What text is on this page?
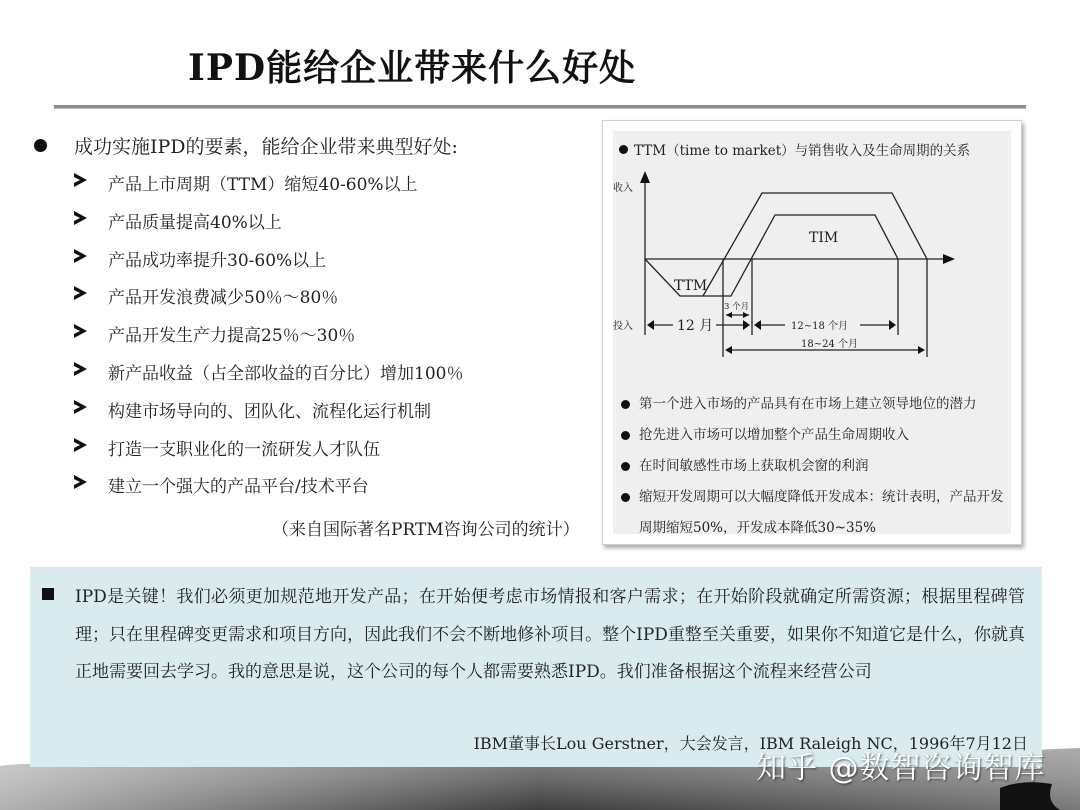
IPD能给企业带来什么好处
成功实施IPD的要素，能给企业带来典型好处:
产品上市周期（TTM）缩短40-60%以上
产品质量提高40%以上
产品成功率提升30-60%以上
产品开发浪费减少50％～80％
产品开发生产力提高25％～30％
新产品收益（占全部收益的百分比）增加100％
构建市场导向的、团队化、流程化运行机制
打造一支职业化的一流研发人才队伍
建立一个强大的产品平台/技术平台
（来自国际著名PRTM咨询公司的统计）
TTM（time to market）与销售收入及生命周期的关系
收入
投入
TTM
TIM
3 个月
12 月	12~18 个月
18~24 个月
第一个进入市场的产品具有在市场上建立领导地位的潜力
抢先进入市场可以增加整个产品生命周期收入
在时间敏感性市场上获取机会窗的利润
缩短开发周期可以大幅度降低开发成本：统计表明，产品开发周期缩短50%，开发成本降低30~35%

IPD是关键！我们必须更加规范地开发产品；在开始便考虑市场情报和客户需求；在开始阶段就确定所需资源；根据里程碑管理；只在里程碑变更需求和项目方向，因此我们不会不断地修补项目。整个IPD重整至关重要，如果你不知道它是什么，你就真正地需要回去学习。我的意思是说，这个公司的每个人都需要熟悉IPD。我们准备根据这个流程来经营公司

IBM董事长Lou Gerstner，大会发言，IBM Raleigh NC，1996年7月12日
知乎 @数智咨询智库
